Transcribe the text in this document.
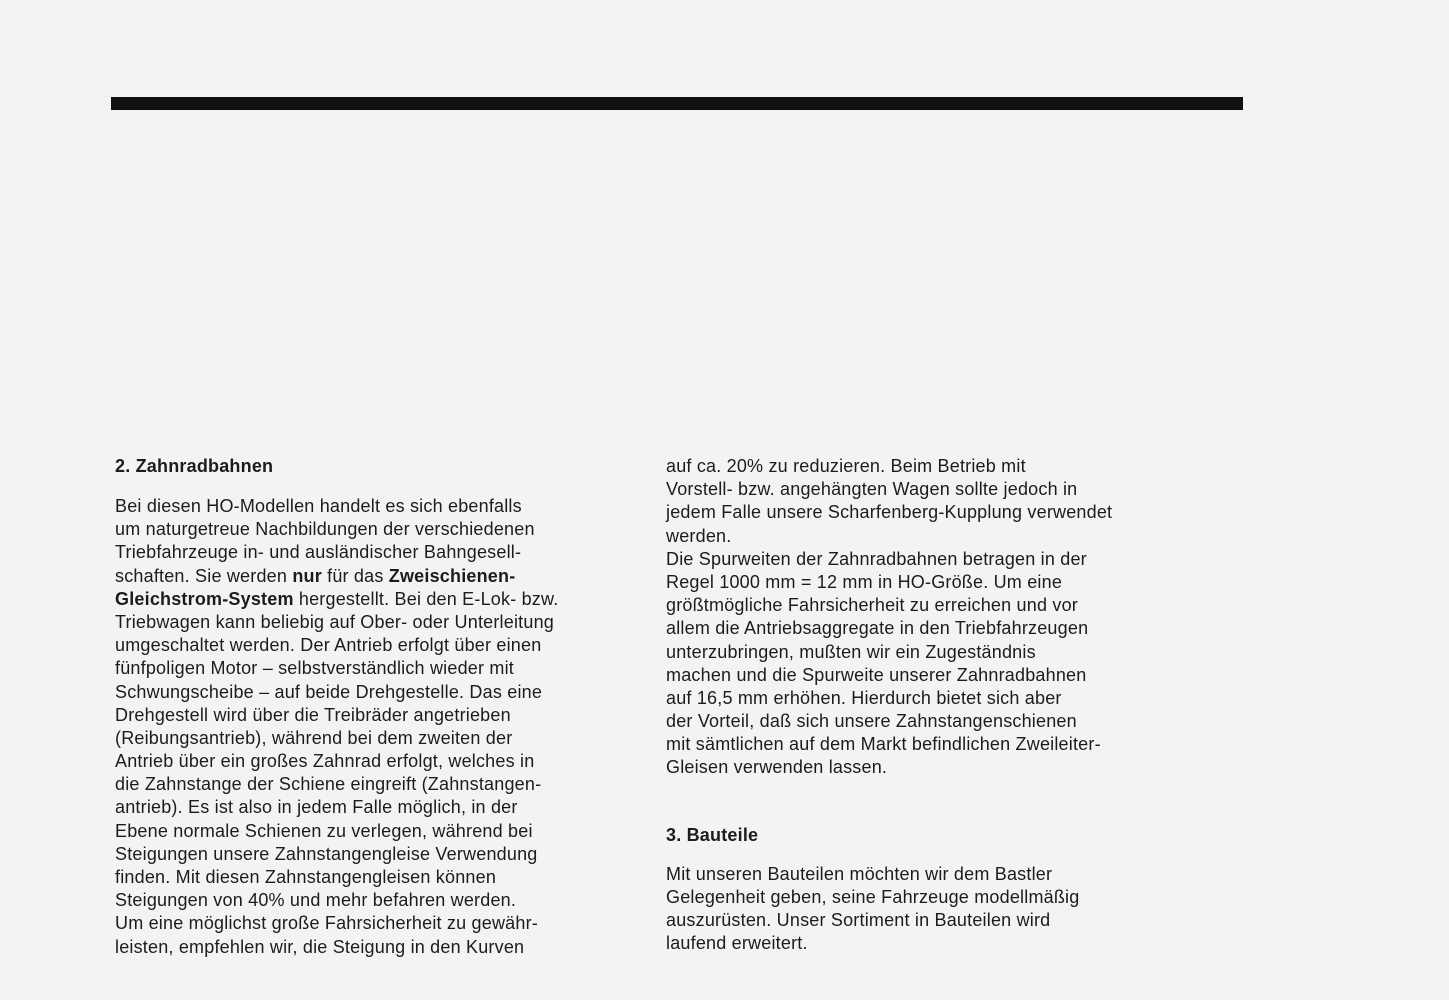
2. Zahnradbahnen
Bei diesen HO-Modellen handelt es sich ebenfalls
um naturgetreue Nachbildungen der verschiedenen
Triebfahrzeuge in- und ausländischer Bahngesell-
schaften. Sie werden nur für das Zweischienen-
Gleichstrom-System hergestellt. Bei den E-Lok- bzw.
Triebwagen kann beliebig auf Ober- oder Unterleitung
umgeschaltet werden. Der Antrieb erfolgt über einen
fünfpoligen Motor – selbstverständlich wieder mit
Schwungscheibe – auf beide Drehgestelle. Das eine
Drehgestell wird über die Treibräder angetrieben
(Reibungsantrieb), während bei dem zweiten der
Antrieb über ein großes Zahnrad erfolgt, welches in
die Zahnstange der Schiene eingreift (Zahnstangen-
antrieb). Es ist also in jedem Falle möglich, in der
Ebene normale Schienen zu verlegen, während bei
Steigungen unsere Zahnstangengleise Verwendung
finden. Mit diesen Zahnstangengleisen können
Steigungen von 40% und mehr befahren werden.
Um eine möglichst große Fahrsicherheit zu gewähr-
leisten, empfehlen wir, die Steigung in den Kurven
auf ca. 20% zu reduzieren. Beim Betrieb mit
Vorstell- bzw. angehängten Wagen sollte jedoch in
jedem Falle unsere Scharfenberg-Kupplung verwendet
werden.
Die Spurweiten der Zahnradbahnen betragen in der
Regel 1000 mm = 12 mm in HO-Größe. Um eine
größtmögliche Fahrsicherheit zu erreichen und vor
allem die Antriebsaggregate in den Triebfahrzeugen
unterzubringen, mußten wir ein Zugeständnis
machen und die Spurweite unserer Zahnradbahnen
auf 16,5 mm erhöhen. Hierdurch bietet sich aber
der Vorteil, daß sich unsere Zahnstangenschienen
mit sämtlichen auf dem Markt befindlichen Zweileiter-
Gleisen verwenden lassen.
3. Bauteile
Mit unseren Bauteilen möchten wir dem Bastler
Gelegenheit geben, seine Fahrzeuge modellmäßig
auszurüsten. Unser Sortiment in Bauteilen wird
laufend erweitert.
